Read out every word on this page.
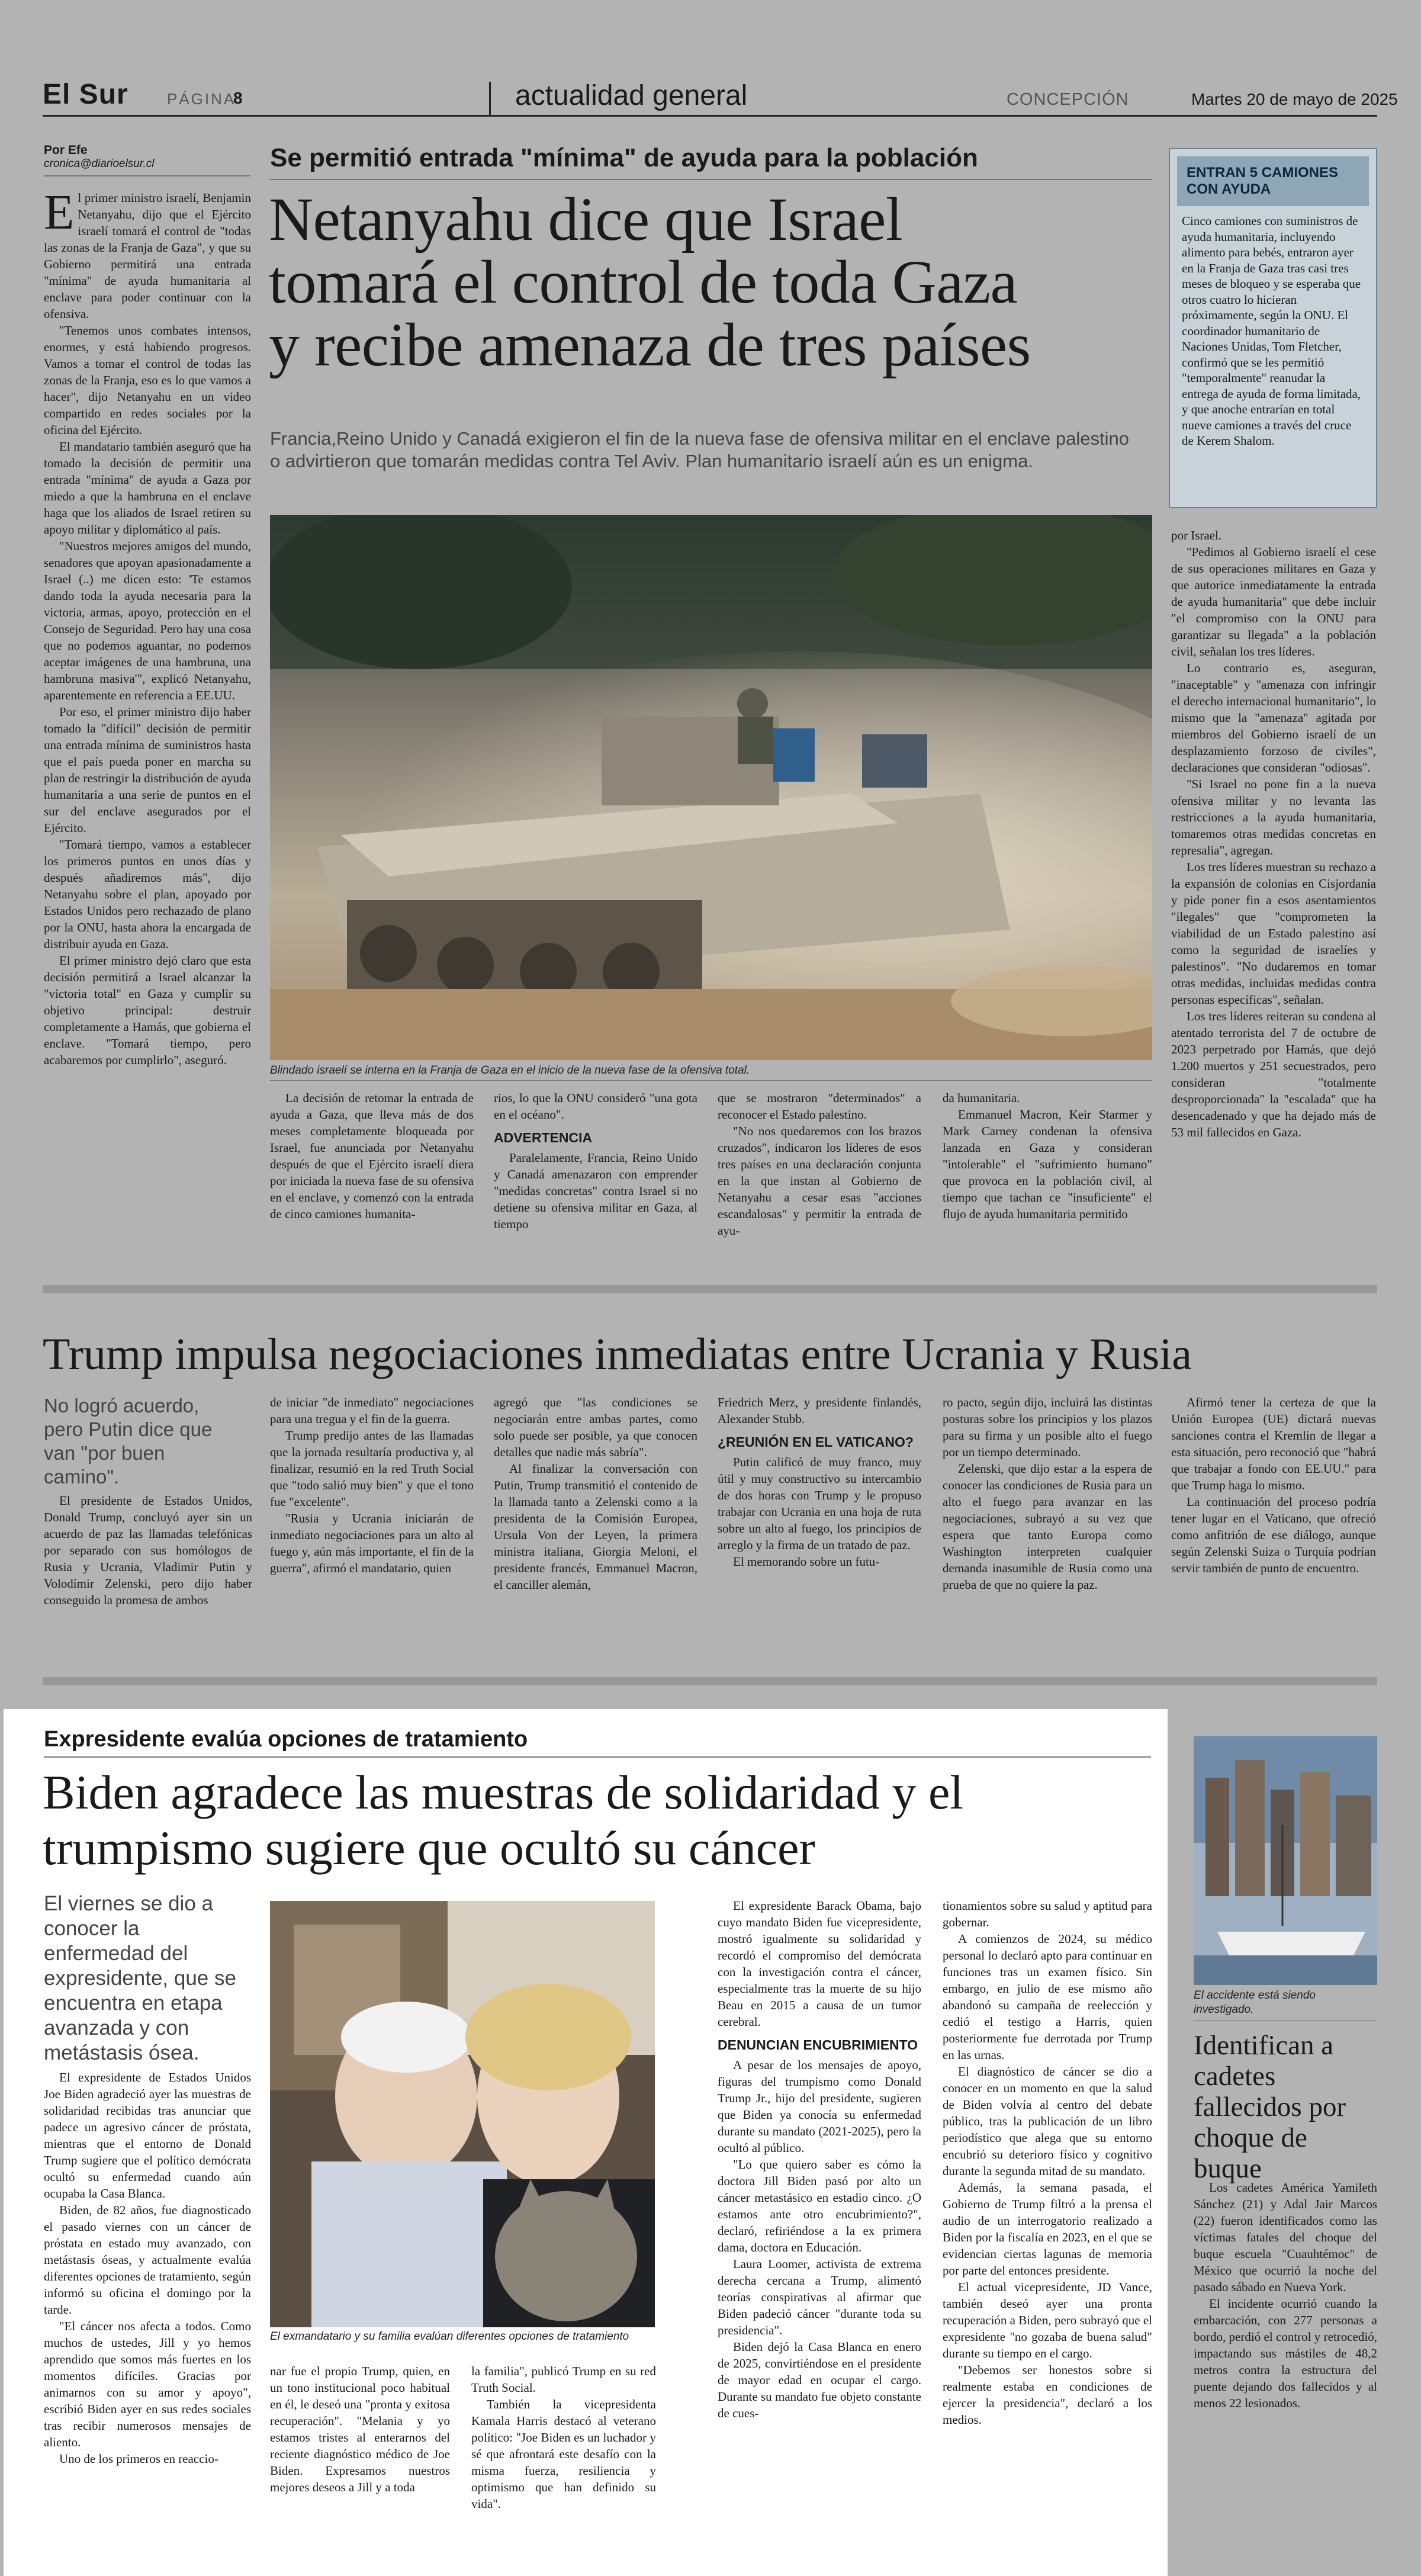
El Sur	PÁGINA
8	actualidad general	CONCEPCIÓN	Martes 20 de mayo de 2025
Por Efe
cronica@diarioelsur.cl	Se permitió entrada "mínima" de ayuda para la población
Netanyahu dice que Israel
tomará el control de toda Gaza
y recibe amenaza de tres países
Francia,Reino Unido y Canadá exigieron el fin de la nueva fase de ofensiva militar en el enclave palestino o advirtieron que tomarán medidas contra Tel Aviv. Plan humanitario israelí aún es un enigma.
ENTRAN 5 CAMIONES CON AYUDA

Cinco camiones con suministros de ayuda humanitaria, incluyendo alimento para bebés, entraron ayer en la Franja de Gaza tras casi tres meses de bloqueo y se esperaba que otros cuatro lo hicieran próximamente, según la ONU. El coordinador humanitario de Naciones Unidas, Tom Fletcher, confirmó que se les permitió "temporalmente" reanudar la entrega de ayuda de forma limitada, y que anoche entrarían en total nueve camiones a través del cruce de Kerem Shalom.

El primer ministro israelí, Benjamin Netanyahu, dijo que el Ejército israelí tomará el control de "todas las zonas de la Franja de Gaza", y que su Gobierno permitirá una entrada "mínima" de ayuda humanitaria al enclave para poder continuar con la ofensiva.

"Tenemos unos combates intensos, enormes, y está habiendo progresos. Vamos a tomar el control de todas las zonas de la Franja, eso es lo que vamos a hacer", dijo Netanyahu en un video compartido en redes sociales por la oficina del Ejército.

El mandatario también aseguró que ha tomado la decisión de permitir una entrada "mínima" de ayuda a Gaza por miedo a que la hambruna en el enclave haga que los aliados de Israel retiren su apoyo militar y diplomático al país.

"Nuestros mejores amigos del mundo, senadores que apoyan apasionadamente a Israel (..) me dicen esto: 'Te estamos dando toda la ayuda necesaria para la victoria, armas, apoyo, protección en el Consejo de Seguridad. Pero hay una cosa que no podemos aguantar, no podemos aceptar imágenes de una hambruna, una hambruna masiva'", explicó Netanyahu, aparentemente en referencia a EE.UU.

Por eso, el primer ministro dijo haber tomado la "difícil" decisión de permitir una entrada mínima de suministros hasta que el país pueda poner en marcha su plan de restringir la distribución de ayuda humanitaria a una serie de puntos en el sur del enclave asegurados por el Ejército.

"Tomará tiempo, vamos a establecer los primeros puntos en unos días y después añadiremos más", dijo Netanyahu sobre el plan, apoyado por Estados Unidos pero rechazado de plano por la ONU, hasta ahora la encargada de distribuir ayuda en Gaza.

El primer ministro dejó claro que esta decisión permitirá a Israel alcanzar la "victoria total" en Gaza y cumplir su objetivo principal: destruir completamente a Hamás, que gobierna el enclave. "Tomará tiempo, pero acabaremos por cumplirlo", aseguró.

Blindado israelí se interna en la Franja de Gaza en el inicio de la nueva fase de la ofensiva total.

La decisión de retomar la entrada de ayuda a Gaza, que lleva más de dos meses completamente bloqueada por Israel, fue anunciada por Netanyahu después de que el Ejército israelí diera por iniciada la nueva fase de su ofensiva en el enclave, y comenzó con la entrada de cinco camiones humanita-

rios, lo que la ONU consideró "una gota en el océano".

ADVERTENCIA

Paralelamente, Francia, Reino Unido y Canadá amenazaron con emprender "medidas concretas" contra Israel si no detiene su ofensiva militar en Gaza, al tiempo

que se mostraron "determinados" a reconocer el Estado palestino.

"No nos quedaremos con los brazos cruzados", indicaron los líderes de esos tres países en una declaración conjunta en la que instan al Gobierno de Netanyahu a cesar esas "acciones escandalosas" y permitir la entrada de ayu-

da humanitaria.

Emmanuel Macron, Keir Starmer y Mark Carney condenan la ofensiva lanzada en Gaza y consideran "intolerable" el "sufrimiento humano" que provoca en la población civil, al tiempo que tachan ce "insuficiente" el flujo de ayuda humanitaria permitido

por Israel.

"Pedimos al Gobierno israelí el cese de sus operaciones militares en Gaza y que autorice inmediatamente la entrada de ayuda humanitaria" que debe incluir "el compromiso con la ONU para garantizar su llegada" a la población civil, señalan los tres líderes.

Lo contrario es, aseguran, "inaceptable" y "amenaza con infringir el derecho internacional humanitario", lo mismo que la "amenaza" agitada por miembros del Gobierno israelí de un desplazamiento forzoso de civiles", declaraciones que consideran "odiosas".

"Si Israel no pone fin a la nueva ofensiva militar y no levanta las restricciones a la ayuda humanitaria, tomaremos otras medidas concretas en represalia", agregan.

Los tres líderes muestran su rechazo a la expansión de colonias en Cisjordania y pide poner fin a esos asentamientos "ilegales" que "comprometen la viabilidad de un Estado palestino así como la seguridad de israelíes y palestinos". "No dudaremos en tomar otras medidas, incluidas medidas contra personas específicas", señalan.

Los tres líderes reiteran su condena al atentado terrorista del 7 de octubre de 2023 perpetrado por Hamás, que dejó 1.200 muertos y 251 secuestrados, pero consideran "totalmente desproporcionada" la "escalada" que ha desencadenado y que ha dejado más de 53 mil fallecidos en Gaza.

Trump impulsa negociaciones inmediatas entre Ucrania y Rusia
No logró acuerdo, pero Putin dice que van "por buen camino".

El presidente de Estados Unidos, Donald Trump, concluyó ayer sin un acuerdo de paz las llamadas telefónicas por separado con sus homólogos de Rusia y Ucrania, Vladimir Putin y Volodímir Zelenski, pero dijo haber conseguido la promesa de ambos

de iniciar "de inmediato" negociaciones para una tregua y el fin de la guerra.

Trump predijo antes de las llamadas que la jornada resultaría productiva y, al finalizar, resumió en la red Truth Social que "todo salió muy bien" y que el tono fue "excelente".

"Rusia y Ucrania iniciarán de inmediato negociaciones para un alto al fuego y, aún más importante, el fin de la guerra", afirmó el mandatario, quien

agregó que "las condiciones se negociarán entre ambas partes, como solo puede ser posible, ya que conocen detalles que nadie más sabría".

Al finalizar la conversación con Putin, Trump transmitió el contenido de la llamada tanto a Zelenski como a la presidenta de la Comisión Europea, Ursula Von der Leyen, la primera ministra italiana, Giorgia Meloni, el presidente francés, Emmanuel Macron, el canciller alemán,

Friedrich Merz, y presidente finlandés, Alexander Stubb.

¿REUNIÓN EN EL VATICANO?

Putin calificó de muy franco, muy útil y muy constructivo su intercambio de dos horas con Trump y le propuso trabajar con Ucrania en una hoja de ruta sobre un alto al fuego, los principios de arreglo y la firma de un tratado de paz.

El memorando sobre un futu-

ro pacto, según dijo, incluirá las distintas posturas sobre los principios y los plazos para su firma y un posible alto el fuego por un tiempo determinado.

Zelenski, que dijo estar a la espera de conocer las condiciones de Rusia para un alto el fuego para avanzar en las negociaciones, subrayó a su vez que espera que tanto Europa como Washington interpreten cualquier demanda inasumible de Rusia como una prueba de que no quiere la paz.

Afirmó tener la certeza de que la Unión Europea (UE) dictará nuevas sanciones contra el Kremlin de llegar a esta situación, pero reconoció que "habrá que trabajar a fondo con EE.UU." para que Trump haga lo mismo.

La continuación del proceso podría tener lugar en el Vaticano, que ofreció como anfitrión de ese diálogo, aunque según Zelenski Suiza o Turquía podrían servir también de punto de encuentro.

Expresidente evalúa opciones de tratamiento
Biden agradece las muestras de solidaridad y el
trumpismo sugiere que ocultó su cáncer
El viernes se dio a conocer la enfermedad del expresidente, que se encuentra en etapa avanzada y con metástasis ósea.
El exmandatario y su familia evalúan diferentes opciones de tratamiento

El expresidente de Estados Unidos Joe Biden agradeció ayer las muestras de solidaridad recibidas tras anunciar que padece un agresivo cáncer de próstata, mientras que el entorno de Donald Trump sugiere que el político demócrata ocultó su enfermedad cuando aún ocupaba la Casa Blanca.

Biden, de 82 años, fue diagnosticado el pasado viernes con un cáncer de próstata en estado muy avanzado, con metástasis óseas, y actualmente evalúa diferentes opciones de tratamiento, según informó su oficina el domingo por la tarde.

"El cáncer nos afecta a todos. Como muchos de ustedes, Jill y yo hemos aprendido que somos más fuertes en los momentos difíciles. Gracias por animarnos con su amor y apoyo", escribió Biden ayer en sus redes sociales tras recibir numerosos mensajes de aliento.

Uno de los primeros en reaccio-

nar fue el propio Trump, quien, en un tono institucional poco habitual en él, le deseó una "pronta y exitosa recuperación". "Melania y yo estamos tristes al enterarnos del reciente diagnóstico médico de Joe Biden. Expresamos nuestros mejores deseos a Jill y a toda

la familia", publicó Trump en su red Truth Social.

También la vicepresidenta Kamala Harris destacó al veterano político: "Joe Biden es un luchador y sé que afrontará este desafío con la misma fuerza, resiliencia y optimismo que han definido su vida".

El expresidente Barack Obama, bajo cuyo mandato Biden fue vicepresidente, mostró igualmente su solidaridad y recordó el compromiso del demócrata con la investigación contra el cáncer, especialmente tras la muerte de su hijo Beau en 2015 a causa de un tumor cerebral.

DENUNCIAN ENCUBRIMIENTO

A pesar de los mensajes de apoyo, figuras del trumpismo como Donald Trump Jr., hijo del presidente, sugieren que Biden ya conocía su enfermedad durante su mandato (2021-2025), pero la ocultó al público.

"Lo que quiero saber es cómo la doctora Jill Biden pasó por alto un cáncer metastásico en estadio cinco. ¿O estamos ante otro encubrimiento?", declaró, refiriéndose a la ex primera dama, doctora en Educación.

Laura Loomer, activista de extrema derecha cercana a Trump, alimentó teorías conspirativas al afirmar que Biden padeció cáncer "durante toda su presidencia".

Biden dejó la Casa Blanca en enero de 2025, convirtiéndose en el presidente de mayor edad en ocupar el cargo. Durante su mandato fue objeto constante de cues-

tionamientos sobre su salud y aptitud para gobernar.

A comienzos de 2024, su médico personal lo declaró apto para continuar en funciones tras un examen físico. Sin embargo, en julio de ese mismo año abandonó su campaña de reelección y cedió el testigo a Harris, quien posteriormente fue derrotada por Trump en las urnas.

El diagnóstico de cáncer se dio a conocer en un momento en que la salud de Biden volvía al centro del debate público, tras la publicación de un libro periodístico que alega que su entorno encubrió su deterioro físico y cognitivo durante la segunda mitad de su mandato.

Además, la semana pasada, el Gobierno de Trump filtró a la prensa el audio de un interrogatorio realizado a Biden por la fiscalía en 2023, en el que se evidencian ciertas lagunas de memoria por parte del entonces presidente.

El actual vicepresidente, JD Vance, también deseó ayer una pronta recuperación a Biden, pero subrayó que el expresidente "no gozaba de buena salud" durante su tiempo en el cargo.

"Debemos ser honestos sobre si realmente estaba en condiciones de ejercer la presidencia", declaró a los medios.

El accidente está siendo investigado.
Identifican a cadetes fallecidos por choque de buque

Los cadetes América Yamileth Sánchez (21) y Adal Jair Marcos (22) fueron identificados como las víctimas fatales del choque del buque escuela "Cuauhtémoc" de México que ocurrió la noche del pasado sábado en Nueva York.

El incidente ocurrió cuando la embarcación, con 277 personas a bordo, perdió el control y retrocedió, impactando sus mástiles de 48,2 metros contra la estructura del puente dejando dos fallecidos y al menos 22 lesionados.
